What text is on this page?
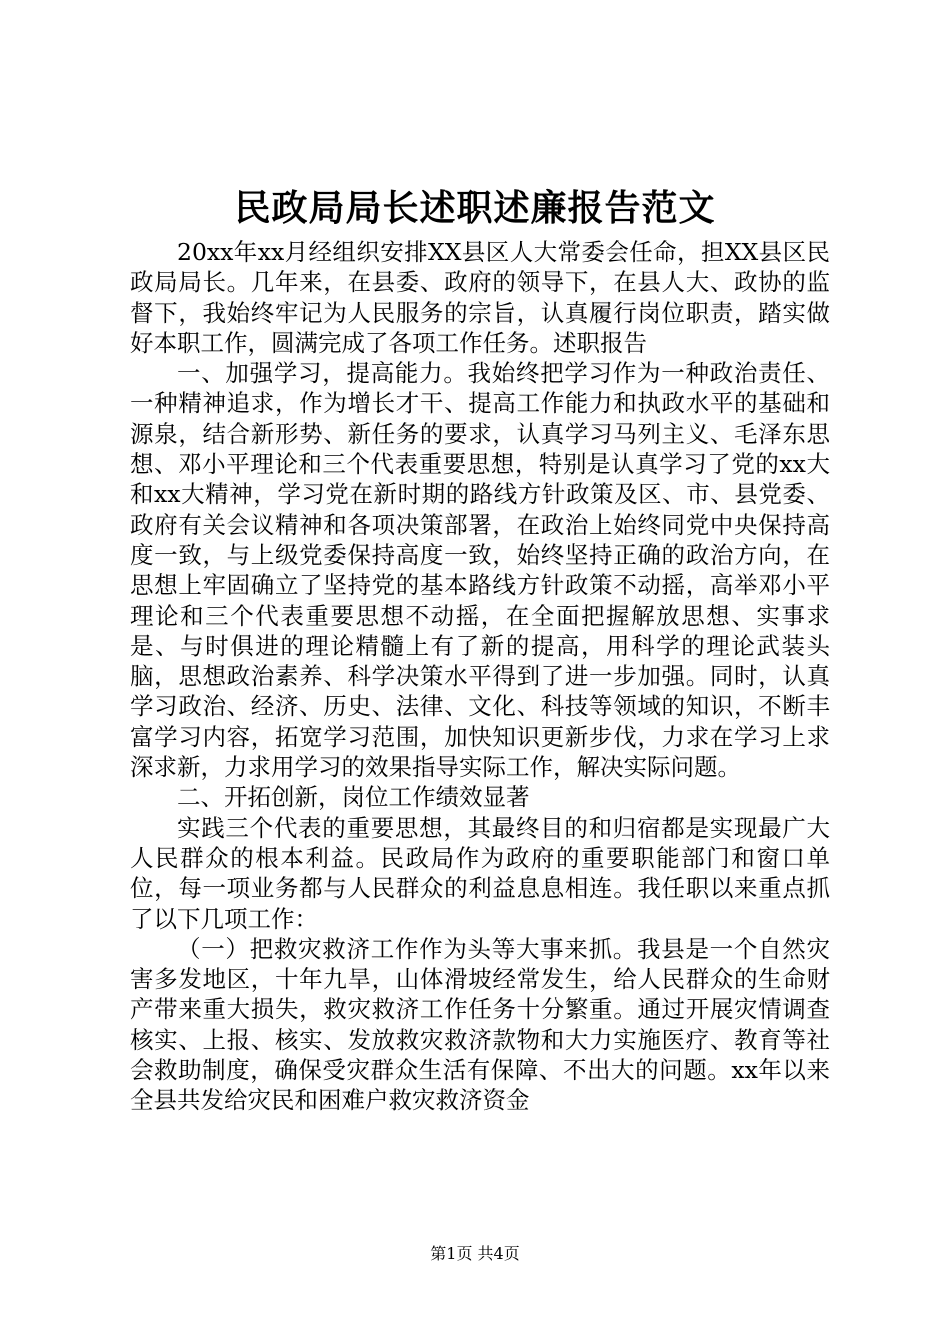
民政局局长述职述廉报告范文

20xx年xx月经组织安排XX县区人大常委会任命，担XX县区民政局局长。几年来，在县委、政府的领导下，在县人大、政协的监督下，我始终牢记为人民服务的宗旨，认真履行岗位职责，踏实做好本职工作，圆满完成了各项工作任务。述职报告

一、加强学习，提高能力。我始终把学习作为一种政治责任、一种精神追求，作为增长才干、提高工作能力和执政水平的基础和源泉，结合新形势、新任务的要求，认真学习马列主义、毛泽东思想、邓小平理论和三个代表重要思想，特别是认真学习了党的xx大和xx大精神，学习党在新时期的路线方针政策及区、市、县党委、政府有关会议精神和各项决策部署，在政治上始终同党中央保持高度一致，与上级党委保持高度一致，始终坚持正确的政治方向，在思想上牢固确立了坚持党的基本路线方针政策不动摇，高举邓小平理论和三个代表重要思想不动摇，在全面把握解放思想、实事求是、与时俱进的理论精髓上有了新的提高，用科学的理论武装头脑，思想政治素养、科学决策水平得到了进一步加强。同时，认真学习政治、经济、历史、法律、文化、科技等领域的知识，不断丰富学习内容，拓宽学习范围，加快知识更新步伐，力求在学习上求深求新，力求用学习的效果指导实际工作，解决实际问题。

二、开拓创新，岗位工作绩效显著

实践三个代表的重要思想，其最终目的和归宿都是实现最广大人民群众的根本利益。民政局作为政府的重要职能部门和窗口单位，每一项业务都与人民群众的利益息息相连。我任职以来重点抓了以下几项工作：

（一）把救灾救济工作作为头等大事来抓。我县是一个自然灾害多发地区，十年九旱，山体滑坡经常发生，给人民群众的生命财产带来重大损失，救灾救济工作任务十分繁重。通过开展灾情调查核实、上报、核实、发放救灾救济款物和大力实施医疗、教育等社会救助制度，确保受灾群众生活有保障、不出大的问题。xx年以来全县共发给灾民和困难户救灾救济资金

第1页 共4页
